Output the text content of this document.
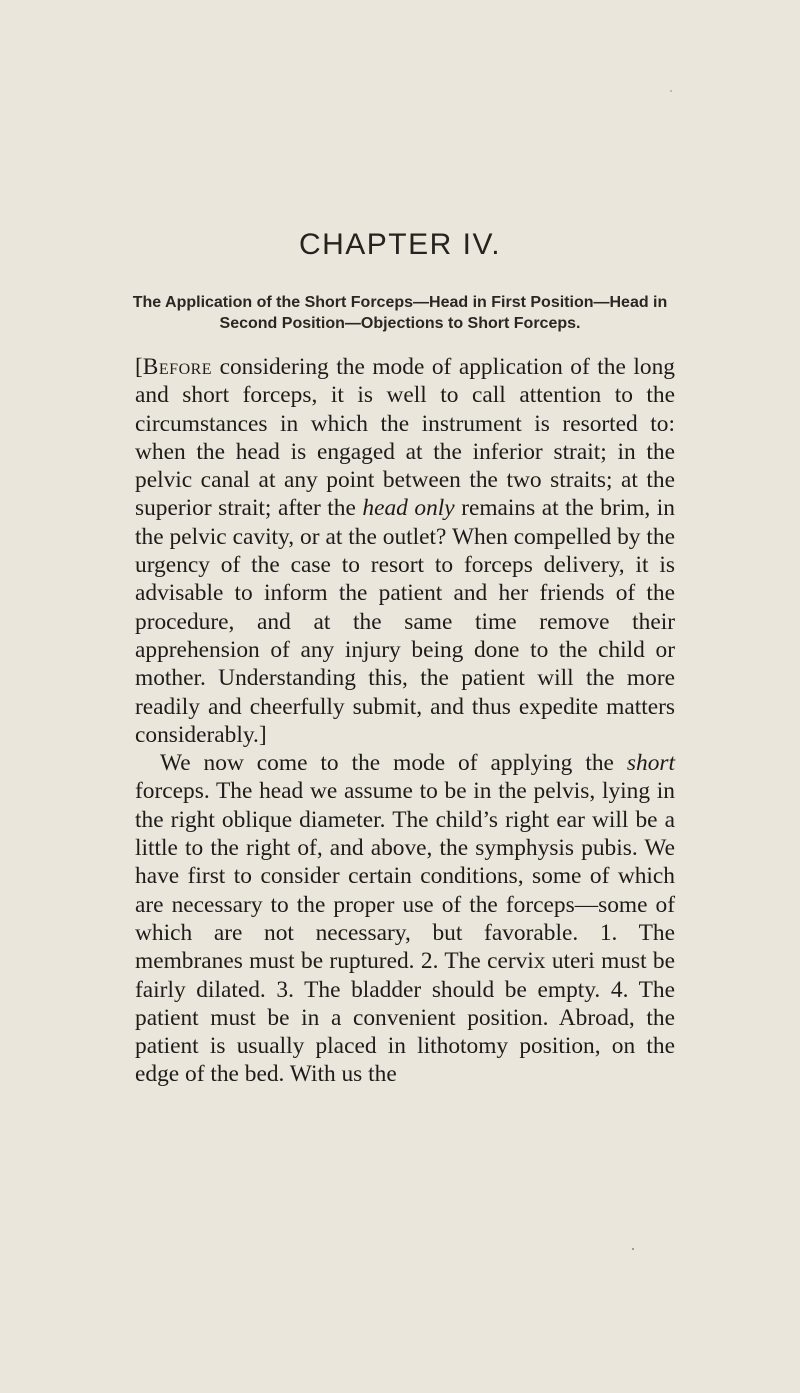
CHAPTER IV.
The Application of the Short Forceps—Head in First Position—Head in Second Position—Objections to Short Forceps.

[Before considering the mode of application of the long and short forceps, it is well to call attention to the circumstances in which the instrument is resorted to: when the head is engaged at the inferior strait; in the pelvic canal at any point between the two straits; at the superior strait; after the head only remains at the brim, in the pelvic cavity, or at the outlet? When compelled by the urgency of the case to resort to forceps delivery, it is advisable to inform the patient and her friends of the procedure, and at the same time remove their apprehension of any injury being done to the child or mother. Understanding this, the patient will the more readily and cheerfully submit, and thus expedite matters considerably.]

We now come to the mode of applying the short forceps. The head we assume to be in the pelvis, lying in the right oblique diameter. The child’s right ear will be a little to the right of, and above, the symphysis pubis. We have first to consider certain conditions, some of which are necessary to the proper use of the forceps—some of which are not necessary, but favorable. 1. The membranes must be ruptured. 2. The cervix uteri must be fairly dilated. 3. The bladder should be empty. 4. The patient must be in a convenient position. Abroad, the patient is usually placed in lithotomy position, on the edge of the bed. With us the
